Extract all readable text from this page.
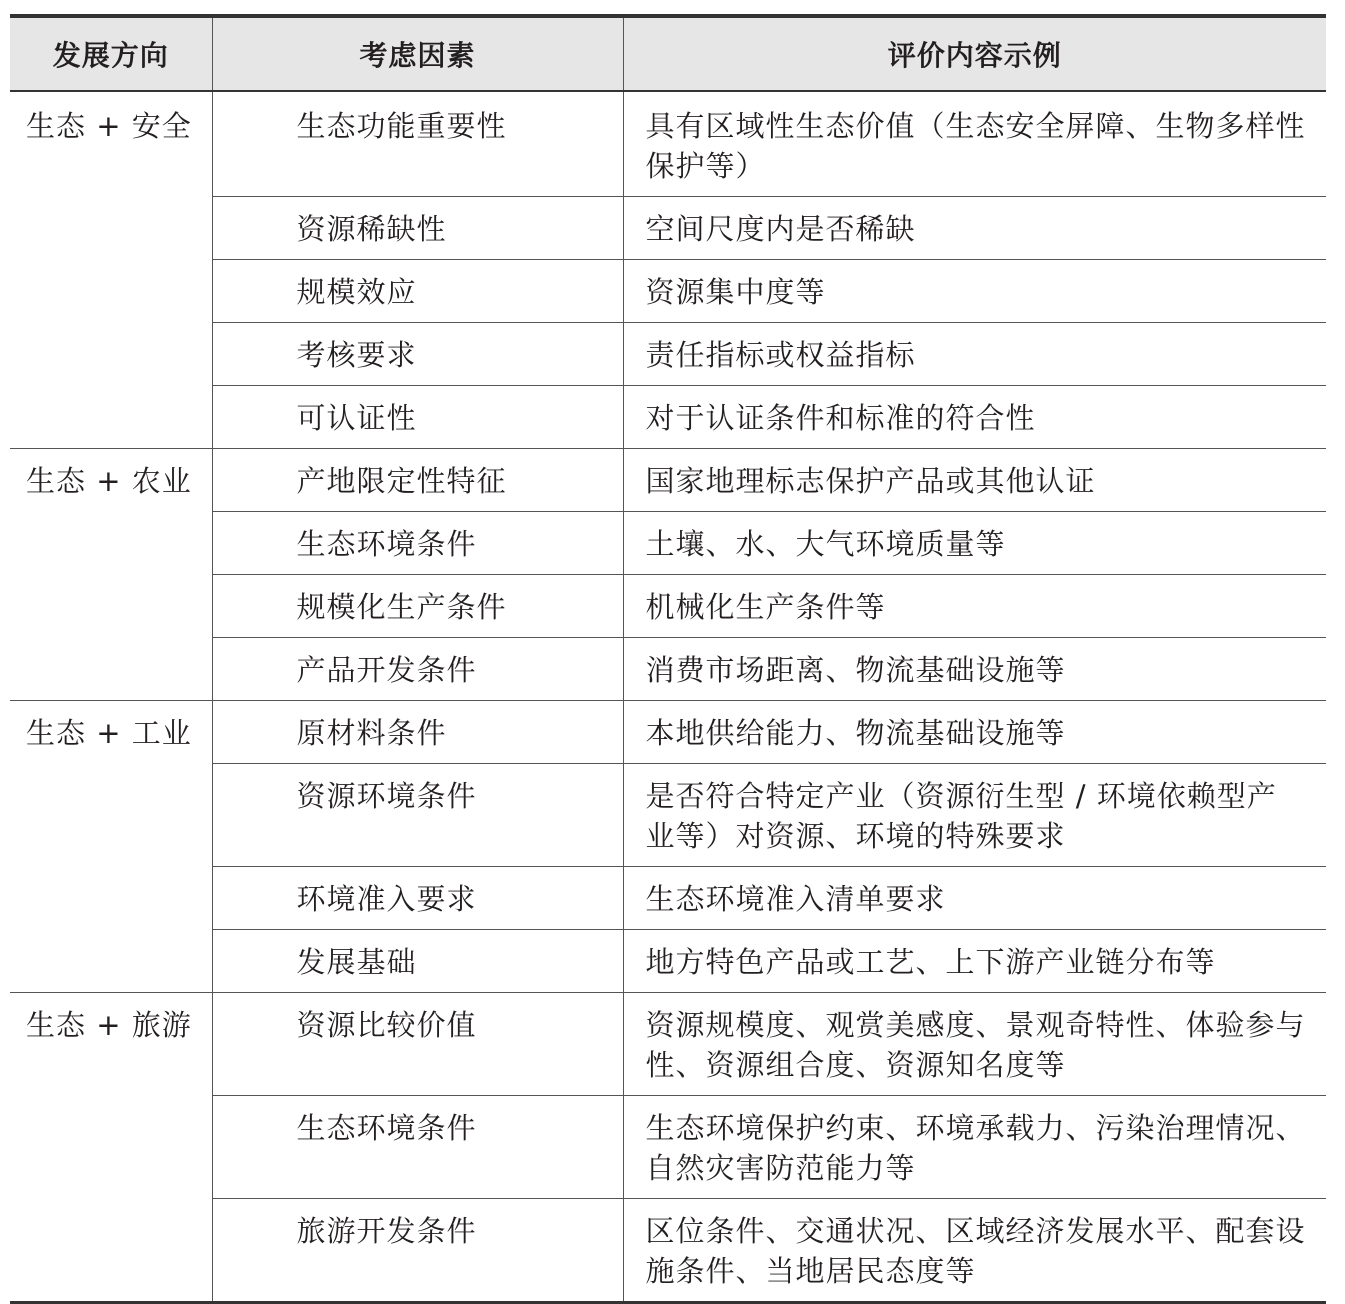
发展方向	考虑因素	评价内容示例
生态 + 安全	生态功能重要性	具有区域性生态价值（生态安全屏障、生物多样性保护等）
	资源稀缺性	空间尺度内是否稀缺
	规模效应	资源集中度等
	考核要求	责任指标或权益指标
	可认证性	对于认证条件和标准的符合性
生态 + 农业	产地限定性特征	国家地理标志保护产品或其他认证
	生态环境条件	土壤、水、大气环境质量等
	规模化生产条件	机械化生产条件等
	产品开发条件	消费市场距离、物流基础设施等
生态 + 工业	原材料条件	本地供给能力、物流基础设施等
	资源环境条件	是否符合特定产业（资源衍生型 / 环境依赖型产业等）对资源、环境的特殊要求
	环境准入要求	生态环境准入清单要求
	发展基础	地方特色产品或工艺、上下游产业链分布等
生态 + 旅游	资源比较价值	资源规模度、观赏美感度、景观奇特性、体验参与性、资源组合度、资源知名度等
	生态环境条件	生态环境保护约束、环境承载力、污染治理情况、自然灾害防范能力等
	旅游开发条件	区位条件、交通状况、区域经济发展水平、配套设施条件、当地居民态度等
